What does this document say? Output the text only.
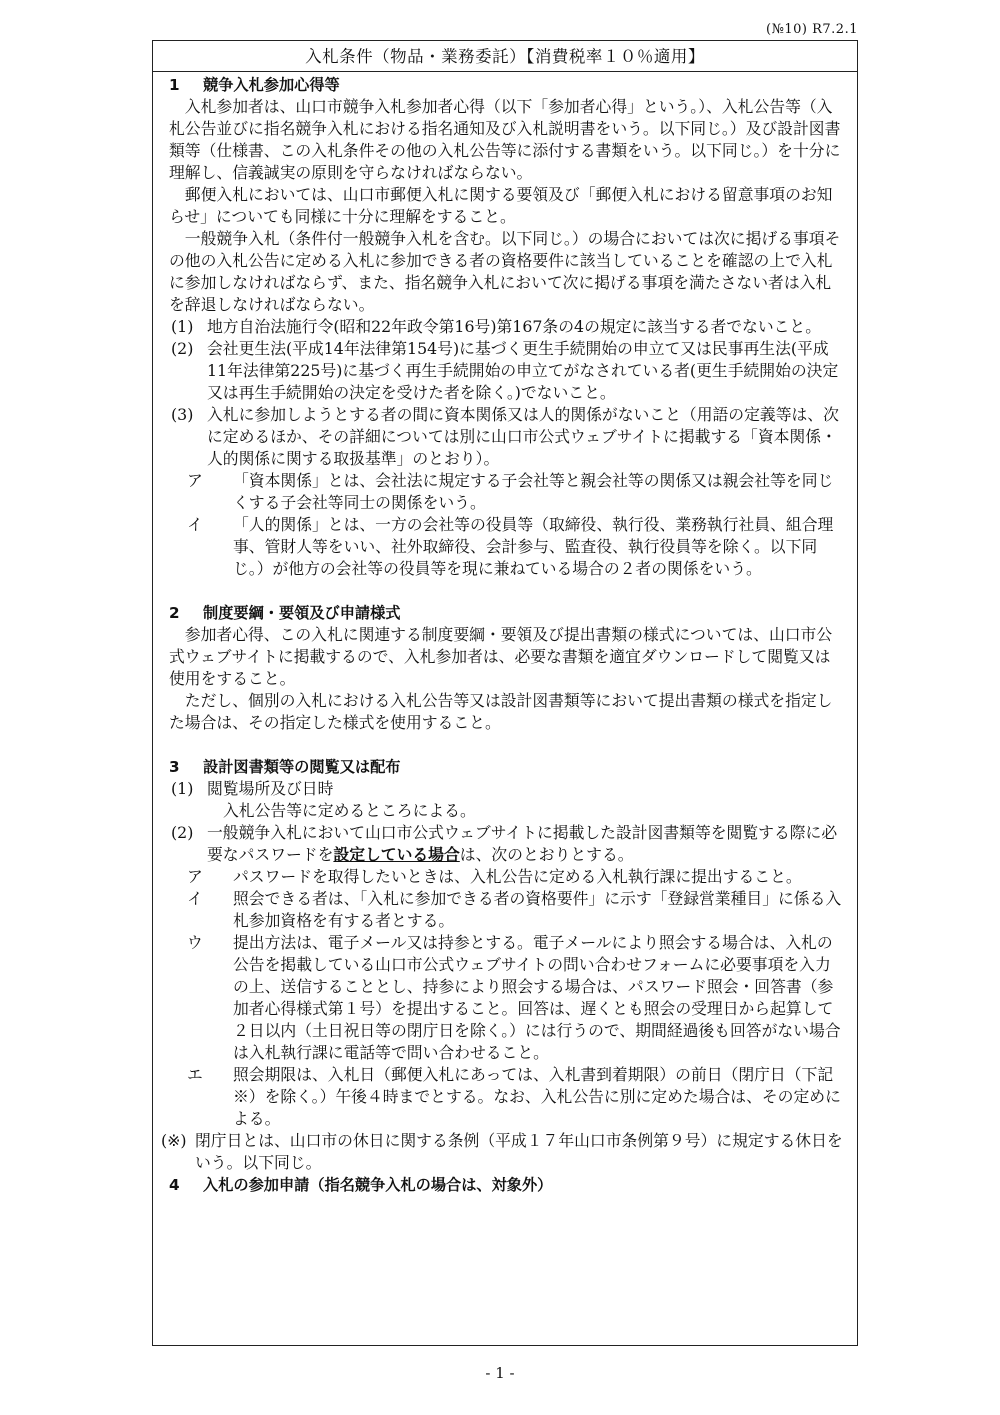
(№10) R7.2.1
入札条件（物品・業務委託）【消費税率１０％適用】
1 競争入札参加心得等

入札参加者は、山口市競争入札参加者心得（以下「参加者心得」という。）、入札公告等（入札公告並びに指名競争入札における指名通知及び入札説明書をいう。以下同じ。）及び設計図書類等（仕様書、この入札条件その他の入札公告等に添付する書類をいう。以下同じ。）を十分に理解し、信義誠実の原則を守らなければならない。

郵便入札においては、山口市郵便入札に関する要領及び「郵便入札における留意事項のお知らせ」についても同様に十分に理解をすること。

一般競争入札（条件付一般競争入札を含む。以下同じ。）の場合においては次に掲げる事項その他の入札公告に定める入札に参加できる者の資格要件に該当していることを確認の上で入札に参加しなければならず、また、指名競争入札において次に掲げる事項を満たさない者は入札を辞退しなければならない。

(1) 地方自治法施行令(昭和22年政令第16号)第167条の4の規定に該当する者でないこと。
(2) 会社更生法(平成14年法律第154号)に基づく更生手続開始の申立て又は民事再生法(平成11年法律第225号)に基づく再生手続開始の申立てがなされている者(更生手続開始の決定又は再生手続開始の決定を受けた者を除く。)でないこと。
(3) 入札に参加しようとする者の間に資本関係又は人的関係がないこと（用語の定義等は、次に定めるほか、その詳細については別に山口市公式ウェブサイトに掲載する「資本関係・人的関係に関する取扱基準」のとおり）。
ア	「資本関係」とは、会社法に規定する子会社等と親会社等の関係又は親会社等を同じくする子会社等同士の関係をいう。
イ	「人的関係」とは、一方の会社等の役員等（取締役、執行役、業務執行社員、組合理事、管財人等をいい、社外取締役、会計参与、監査役、執行役員等を除く。以下同じ。）が他方の会社等の役員等を現に兼ねている場合の２者の関係をいう。
2 制度要綱・要領及び申請様式

参加者心得、この入札に関連する制度要綱・要領及び提出書類の様式については、山口市公式ウェブサイトに掲載するので、入札参加者は、必要な書類を適宜ダウンロードして閲覧又は使用をすること。

ただし、個別の入札における入札公告等又は設計図書類等において提出書類の様式を指定した場合は、その指定した様式を使用すること。

3 設計図書類等の閲覧又は配布
(1) 閲覧場所及び日時

入札公告等に定めるところによる。

(2) 一般競争入札において山口市公式ウェブサイトに掲載した設計図書類等を閲覧する際に必要なパスワードを設定している場合は、次のとおりとする。
ア	パスワードを取得したいときは、入札公告に定める入札執行課に提出すること。
イ	照会できる者は、「入札に参加できる者の資格要件」に示す「登録営業種目」に係る入札参加資格を有する者とする。
ウ	提出方法は、電子メール又は持参とする。電子メールにより照会する場合は、入札の公告を掲載している山口市公式ウェブサイトの問い合わせフォームに必要事項を入力の上、送信することとし、持参により照会する場合は、パスワード照会・回答書（参加者心得様式第１号）を提出すること。回答は、遅くとも照会の受理日から起算して２日以内（土日祝日等の閉庁日を除く。）には行うので、期間経過後も回答がない場合は入札執行課に電話等で問い合わせること。
エ	照会期限は、入札日（郵便入札にあっては、入札書到着期限）の前日（閉庁日（下記※）を除く。）午後４時までとする。なお、入札公告に別に定めた場合は、その定めによる。
(※) 閉庁日とは、山口市の休日に関する条例（平成１７年山口市条例第９号）に規定する休日をいう。以下同じ。
4 入札の参加申請（指名競争入札の場合は、対象外）
- 1 -
